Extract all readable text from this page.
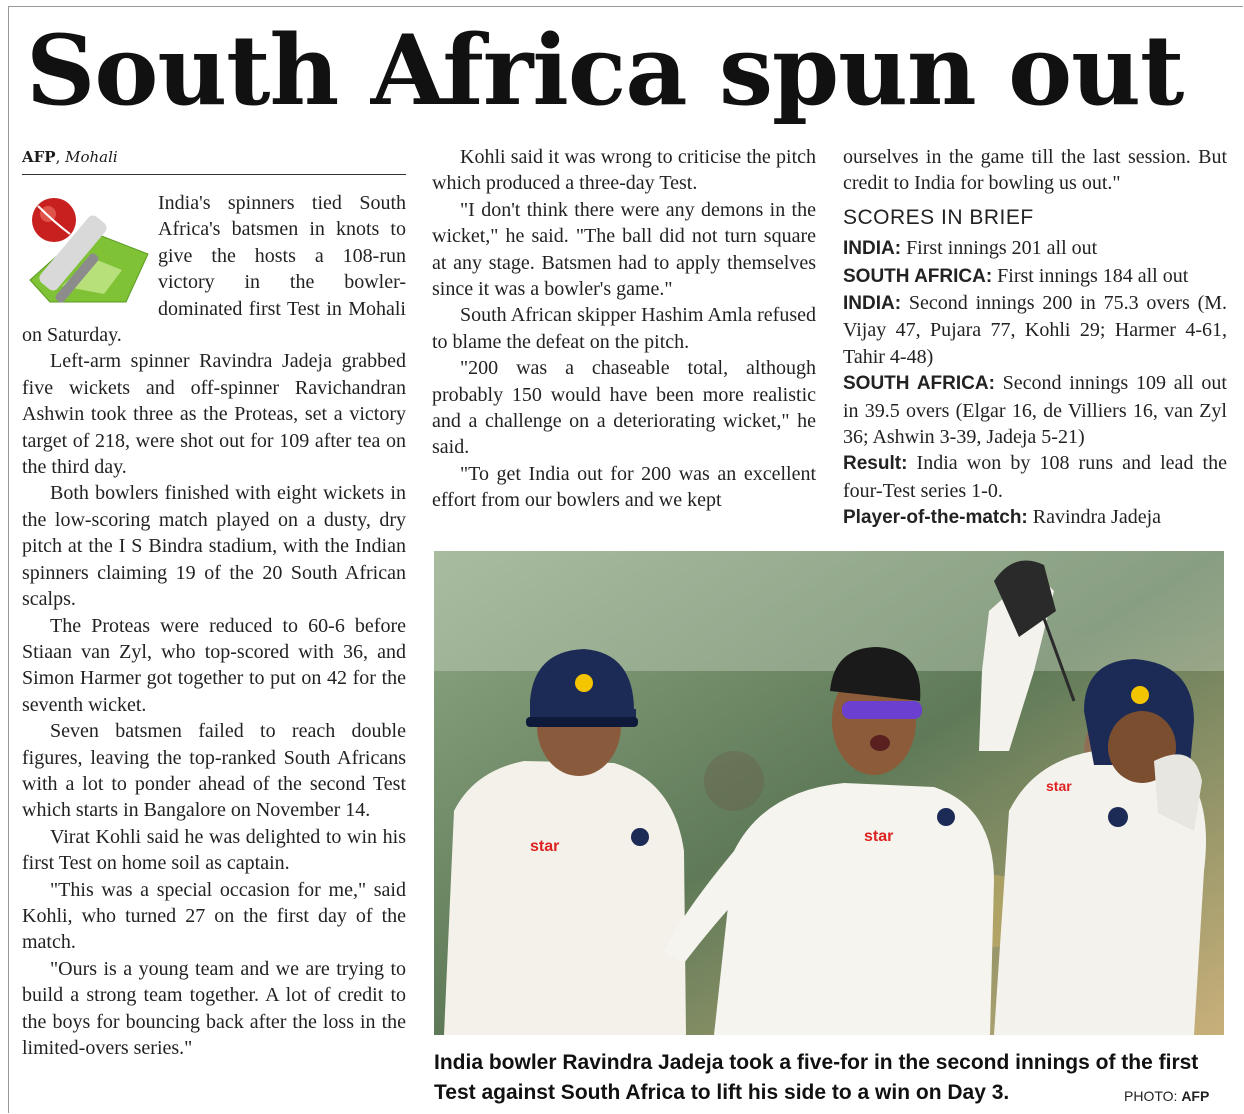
South Africa spun out
AFP, Mohali

India's spinners tied South Africa's batsmen in knots to give the hosts a 108-run victory in the bowler-dominated first Test in Mohali on Saturday.

Left-arm spinner Ravindra Jadeja grabbed five wickets and off-spinner Ravichandran Ashwin took three as the Proteas, set a victory target of 218, were shot out for 109 after tea on the third day.

Both bowlers finished with eight wickets in the low-scoring match played on a dusty, dry pitch at the I S Bindra stadium, with the Indian spinners claiming 19 of the 20 South African scalps.

The Proteas were reduced to 60-6 before Stiaan van Zyl, who top-scored with 36, and Simon Harmer got together to put on 42 for the seventh wicket.

Seven batsmen failed to reach double figures, leaving the top-ranked South Africans with a lot to ponder ahead of the second Test which starts in Bangalore on November 14.

Virat Kohli said he was delighted to win his first Test on home soil as captain.

"This was a special occasion for me," said Kohli, who turned 27 on the first day of the match.

"Ours is a young team and we are trying to build a strong team together. A lot of credit to the boys for bouncing back after the loss in the limited-overs series."

Kohli said it was wrong to criticise the pitch which produced a three-day Test.

"I don't think there were any demons in the wicket," he said. "The ball did not turn square at any stage. Batsmen had to apply themselves since it was a bowler's game."

South African skipper Hashim Amla refused to blame the defeat on the pitch.

"200 was a chaseable total, although probably 150 would have been more realistic and a challenge on a deteriorating wicket," he said.

"To get India out for 200 was an excellent effort from our bowlers and we kept

ourselves in the game till the last session. But credit to India for bowling us out."

SCORES IN BRIEF

INDIA: First innings 201 all out

SOUTH AFRICA: First innings 184 all out

INDIA: Second innings 200 in 75.3 overs (M. Vijay 47, Pujara 77, Kohli 29; Harmer 4-61, Tahir 4-48)

SOUTH AFRICA: Second innings 109 all out in 39.5 overs (Elgar 16, de Villiers 16, van Zyl 36; Ashwin 3-39, Jadeja 5-21)

Result: India won by 108 runs and lead the four-Test series 1-0.

Player-of-the-match: Ravindra Jadeja

star
star
star
India bowler Ravindra Jadeja took a five-for in the second innings of the first Test against South Africa to lift his side to a win on Day 3.	PHOTO: AFP
